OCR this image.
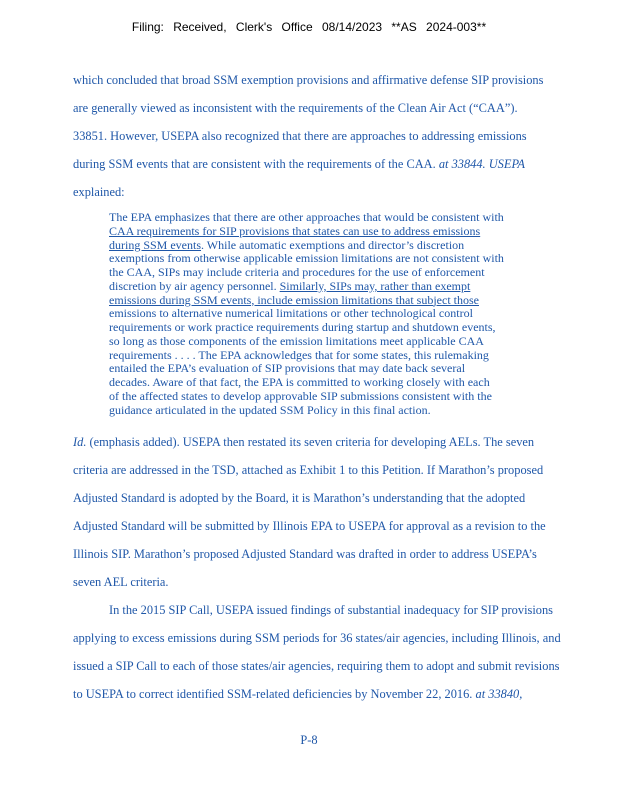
Filing: Received, Clerk's Office 08/14/2023 **AS 2024-003**
which concluded that broad SSM exemption provisions and affirmative defense SIP provisions
are generally viewed as inconsistent with the requirements of the Clean Air Act (“CAA”).
33851. However, USEPA also recognized that there are approaches to addressing emissions
during SSM events that are consistent with the requirements of the CAA. at 33844. USEPA
explained:
The EPA emphasizes that there are other approaches that would be consistent with
CAA requirements for SIP provisions that states can use to address emissions
during SSM events. While automatic exemptions and director’s discretion
exemptions from otherwise applicable emission limitations are not consistent with
the CAA, SIPs may include criteria and procedures for the use of enforcement
discretion by air agency personnel. Similarly, SIPs may, rather than exempt
emissions during SSM events, include emission limitations that subject those
emissions to alternative numerical limitations or other technological control
requirements or work practice requirements during startup and shutdown events,
so long as those components of the emission limitations meet applicable CAA
requirements . . . . The EPA acknowledges that for some states, this rulemaking
entailed the EPA’s evaluation of SIP provisions that may date back several
decades. Aware of that fact, the EPA is committed to working closely with each
of the affected states to develop approvable SIP submissions consistent with the
guidance articulated in the updated SSM Policy in this final action.
Id. (emphasis added). USEPA then restated its seven criteria for developing AELs. The seven
criteria are addressed in the TSD, attached as Exhibit 1 to this Petition. If Marathon’s proposed
Adjusted Standard is adopted by the Board, it is Marathon’s understanding that the adopted
Adjusted Standard will be submitted by Illinois EPA to USEPA for approval as a revision to the
Illinois SIP. Marathon’s proposed Adjusted Standard was drafted in order to address USEPA’s
seven AEL criteria.
In the 2015 SIP Call, USEPA issued findings of substantial inadequacy for SIP provisions
applying to excess emissions during SSM periods for 36 states/air agencies, including Illinois, and
issued a SIP Call to each of those states/air agencies, requiring them to adopt and submit revisions
to USEPA to correct identified SSM-related deficiencies by November 22, 2016. at 33840,
P-8
